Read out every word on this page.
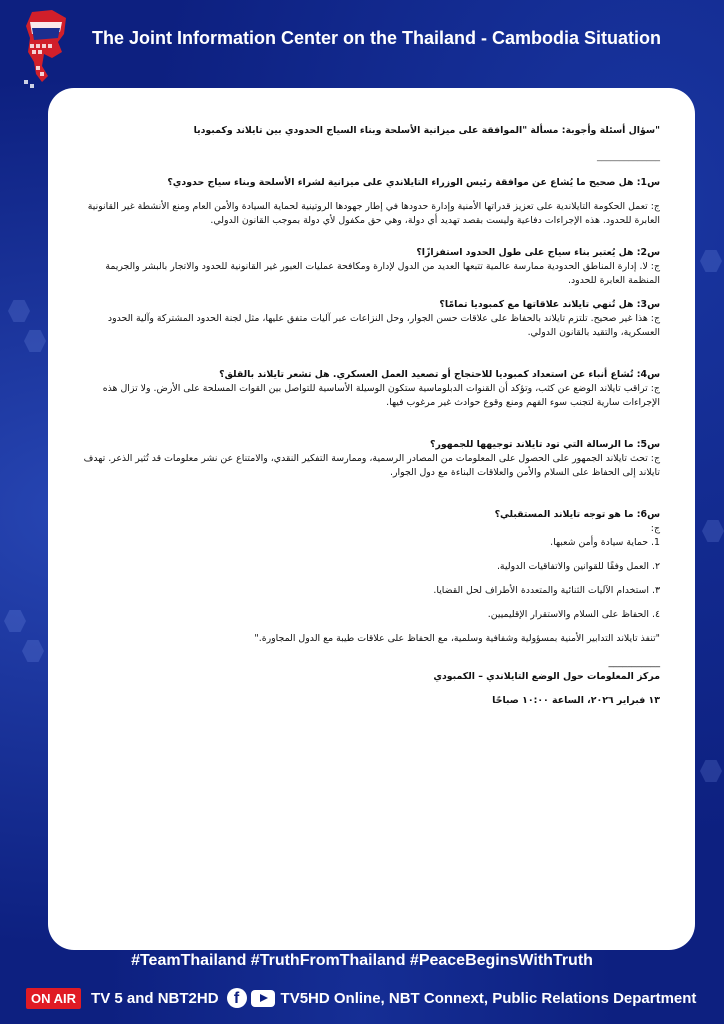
The Joint Information Center on the Thailand - Cambodia Situation

"سؤال أسئلة وأجوبة: مسألة "الموافقة على ميزانية الأسلحة وبناء السياج الحدودي بين تايلاند وكمبوديا

______________

س1: هل صحيح ما يُشاع عن موافقة رئيس الوزراء التايلاندي على ميزانية لشراء الأسلحة وبناء سياج حدودي؟

ج: تعمل الحكومة التايلاندية على تعزيز قدراتها الأمنية وإدارة حدودها في إطار جهودها الروتينية لحماية السيادة والأمن العام ومنع الأنشطة غير القانونية العابرة للحدود. هذه الإجراءات دفاعية وليست بقصد تهديد أي دولة، وهي حق مكفول لأي دولة بموجب القانون الدولي.

س2: هل يُعتبر بناء سياج على طول الحدود استفزازًا؟

ج: لا. إدارة المناطق الحدودية ممارسة عالمية تتبعها العديد من الدول لإدارة ومكافحة عمليات العبور غير القانونية للحدود والاتجار بالبشر والجريمة المنظمة العابرة للحدود.

س3: هل تُنهي تايلاند علاقاتها مع كمبوديا تمامًا؟

ج: هذا غير صحيح. تلتزم تايلاند بالحفاظ على علاقات حسن الجوار، وحل النزاعات عبر آليات متفق عليها، مثل لجنة الحدود المشتركة وآلية الحدود العسكرية، والتقيد بالقانون الدولي.

س4: تُشاع أنباء عن استعداد كمبوديا للاحتجاج أو تصعيد العمل العسكري. هل تشعر تايلاند بالقلق؟

ج: تراقب تايلاند الوضع عن كثب، وتؤكد أن القنوات الدبلوماسية ستكون الوسيلة الأساسية للتواصل بين القوات المسلحة على الأرض. ولا تزال هذه الإجراءات سارية لتجنب سوء الفهم ومنع وقوع حوادث غير مرغوب فيها.

س5: ما الرسالة التي تود تايلاند توجيهها للجمهور؟

ج: تحث تايلاند الجمهور على الحصول على المعلومات من المصادر الرسمية، وممارسة التفكير النقدي، والامتناع عن نشر معلومات قد تُثير الذعر. تهدف تايلاند إلى الحفاظ على السلام والأمن والعلاقات البناءة مع دول الجوار.

س6: ما هو توجه تايلاند المستقبلي؟

ج:

1. حماية سيادة وأمن شعبها.

٢. العمل وفقًا للقوانين والاتفاقيات الدولية.

٣. استخدام الآليات الثنائية والمتعددة الأطراف لحل القضايا.

٤. الحفاظ على السلام والاستقرار الإقليميين.

"تنفذ تايلاند التدابير الأمنية بمسؤولية وشفافية وسلمية، مع الحفاظ على علاقات طيبة مع الدول المجاورة."

___________

مركز المعلومات حول الوضع التايلاندي – الكمبودي

١٣ فبراير ٢٠٢٦، الساعة ١٠:٠٠ صباحًا

#TeamThailand #TruthFromThailand #PeaceBeginsWithTruth
ON AIR	TV 5 and NBT2HD f	TV5HD Online, NBT Connext, Public Relations Department
